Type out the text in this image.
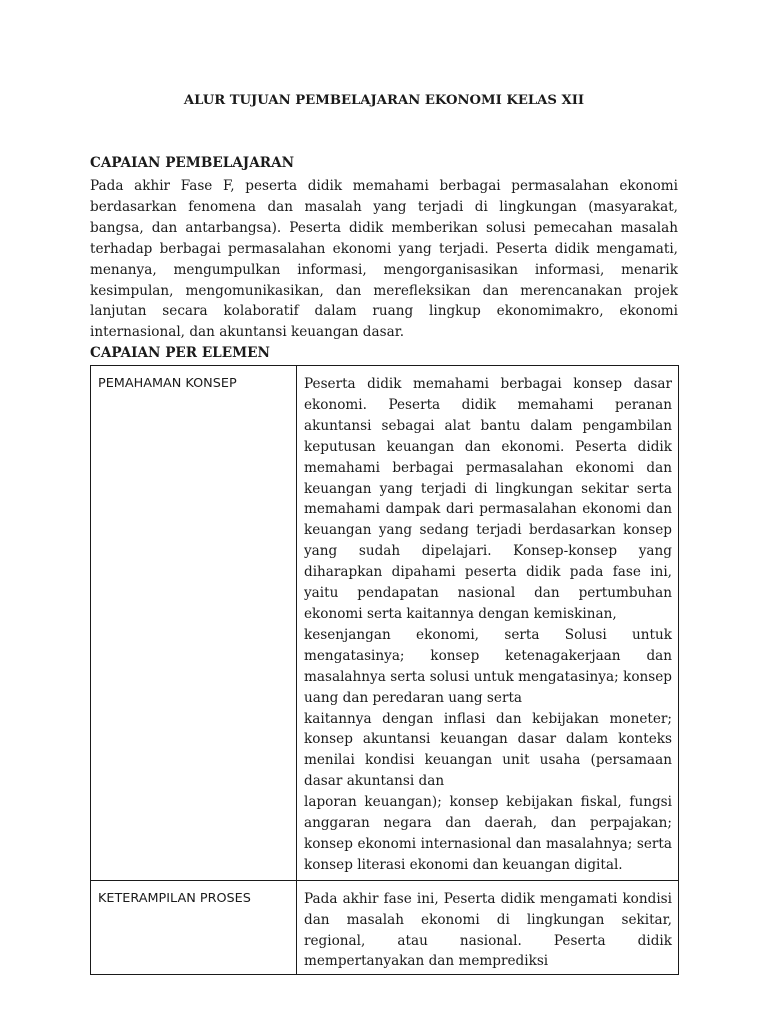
ALUR TUJUAN PEMBELAJARAN EKONOMI KELAS XII
CAPAIAN PEMBELAJARAN
Pada akhir Fase F, peserta didik memahami berbagai permasalahan ekonomi berdasarkan fenomena dan masalah yang terjadi di lingkungan (masyarakat, bangsa, dan antarbangsa). Peserta didik memberikan solusi pemecahan masalah terhadap berbagai permasalahan ekonomi yang terjadi. Peserta didik mengamati, menanya, mengumpulkan informasi, mengorganisasikan informasi, menarik kesimpulan, mengomunikasikan, dan merefleksikan dan merencanakan projek lanjutan secara kolaboratif dalam ruang lingkup ekonomimakro, ekonomi internasional, dan akuntansi keuangan dasar.
CAPAIAN PER ELEMEN
PEMAHAMAN KONSEP	Peserta didik memahami berbagai konsep dasar ekonomi. Peserta didik memahami peranan akuntansi sebagai alat bantu dalam pengambilan keputusan keuangan dan ekonomi. Peserta didik memahami berbagai permasalahan ekonomi dan keuangan yang terjadi di lingkungan sekitar serta memahami dampak dari permasalahan ekonomi dan keuangan yang sedang terjadi berdasarkan konsep yang sudah dipelajari. Konsep-konsep yang diharapkan dipahami peserta didik pada fase ini, yaitu pendapatan nasional dan pertumbuhan ekonomi serta kaitannya dengan kemiskinan,
kesenjangan ekonomi, serta Solusi untuk mengatasinya; konsep ketenagakerjaan dan masalahnya serta solusi untuk mengatasinya; konsep uang dan peredaran uang serta
kaitannya dengan inflasi dan kebijakan moneter; konsep akuntansi keuangan dasar dalam konteks menilai kondisi keuangan unit usaha (persamaan dasar akuntansi dan
laporan keuangan); konsep kebijakan fiskal, fungsi anggaran negara dan daerah, dan perpajakan; konsep ekonomi internasional dan masalahnya; serta konsep literasi ekonomi dan keuangan digital.

KETERAMPILAN PROSES	Pada akhir fase ini, Peserta didik mengamati kondisi dan masalah ekonomi di lingkungan sekitar, regional, atau nasional. Peserta didik mempertanyakan dan memprediksi
